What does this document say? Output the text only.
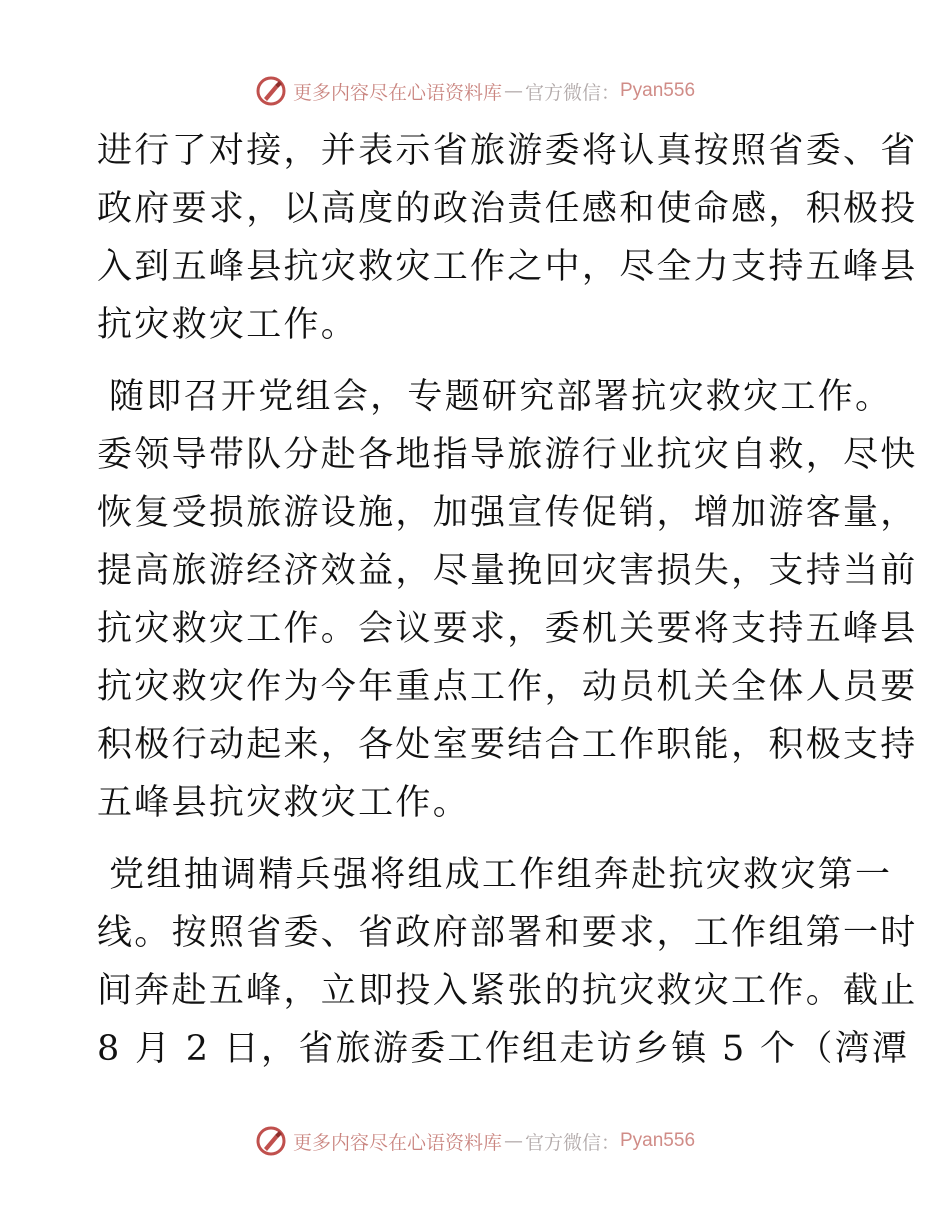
更多内容尽在心语资料库 — 官方微信： Pyan556
进行了对接，并表示省旅游委将认真按照省委、省
政府要求，以高度的政治责任感和使命感，积极投
入到五峰县抗灾救灾工作之中，尽全力支持五峰县
抗灾救灾工作。
随即召开党组会，专题研究部署抗灾救灾工作。
委领导带队分赴各地指导旅游行业抗灾自救，尽快
恢复受损旅游设施，加强宣传促销，增加游客量，
提高旅游经济效益，尽量挽回灾害损失，支持当前
抗灾救灾工作。会议要求，委机关要将支持五峰县
抗灾救灾作为今年重点工作，动员机关全体人员要
积极行动起来，各处室要结合工作职能，积极支持
五峰县抗灾救灾工作。
党组抽调精兵强将组成工作组奔赴抗灾救灾第一
线。按照省委、省政府部署和要求，工作组第一时
间奔赴五峰，立即投入紧张的抗灾救灾工作。截止
8 月 2 日，省旅游委工作组走访乡镇 5 个（湾潭
更多内容尽在心语资料库 — 官方微信： Pyan556
